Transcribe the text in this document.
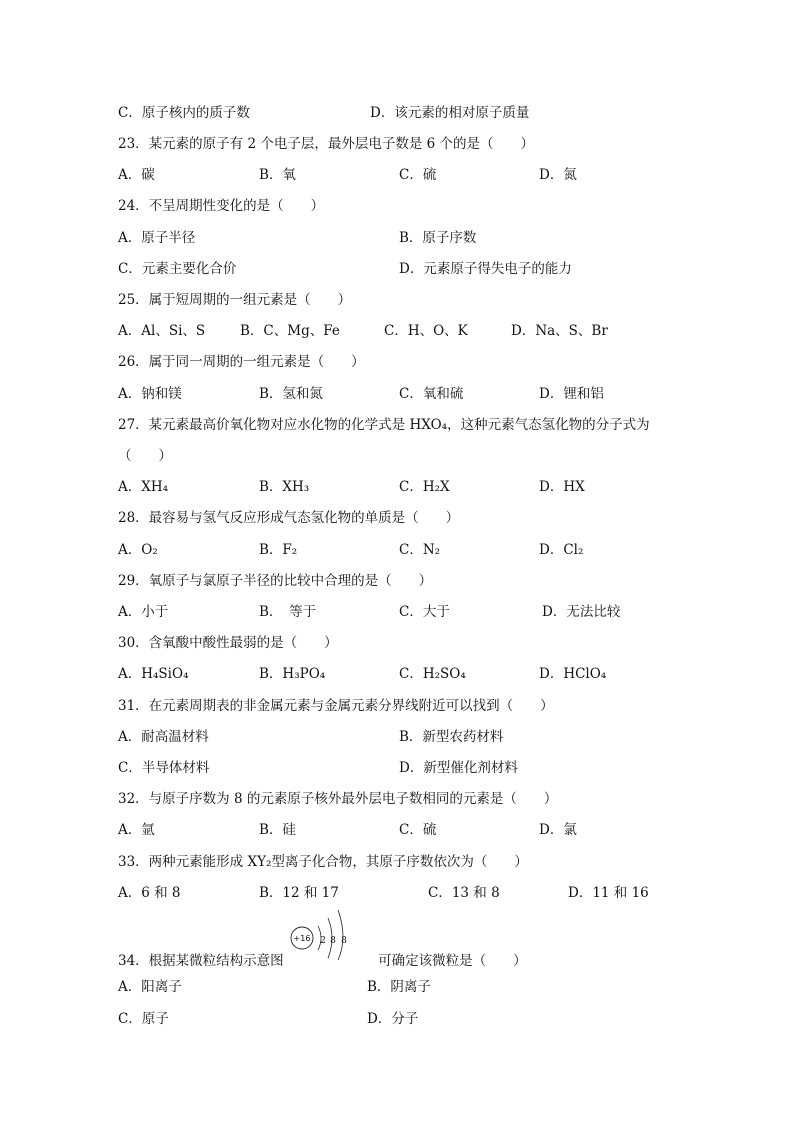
C．原子核内的质子数	D．该元素的相对原子质量
23．某元素的原子有 2 个电子层，最外层电子数是 6 个的是（　　）
A．碳	B．氧	C．硫	D．氮
24．不呈周期性变化的是（　　）
A．原子半径	B．原子序数
C．元素主要化合价	D．元素原子得失电子的能力
25．属于短周期的一组元素是（　　）
A．Al、Si、S	B．C、Mg、Fe	C．H、O、K	D．Na、S、Br
26．属于同一周期的一组元素是（　　）
A．钠和镁	B．氢和氮	C．氧和硫	D．锂和铝
27．某元素最高价氧化物对应水化物的化学式是 HXO₄，这种元素气态氢化物的分子式为
（　　）
A．XH₄	B．XH₃	C．H₂X	D．HX
28．最容易与氢气反应形成气态氢化物的单质是（　　）
A．O₂	B．F₂	C．N₂	D．Cl₂
29．氧原子与氯原子半径的比较中合理的是（　　）
A．小于	B．　等于	C．大于	D．无法比较
30．含氧酸中酸性最弱的是（　　）
A．H₄SiO₄	B．H₃PO₄	C．H₂SO₄	D．HClO₄
31．在元素周期表的非金属元素与金属元素分界线附近可以找到（　　）
A．耐高温材料	B．新型农药材料
C．半导体材料	D．新型催化剂材料
32．与原子序数为 8 的元素原子核外最外层电子数相同的元素是（　　）
A．氩	B．硅	C．硫	D．氯
33．两种元素能形成 XY₂型离子化合物，其原子序数依次为（　　）
A．6 和 8	B．12 和 17	C．13 和 8	D．11 和 16
34．根据某微粒结构示意图　　　　　　　可确定该微粒是（　　）
A．阳离子	B．阴离子
C．原子	D．分子
+16 2 8 8
